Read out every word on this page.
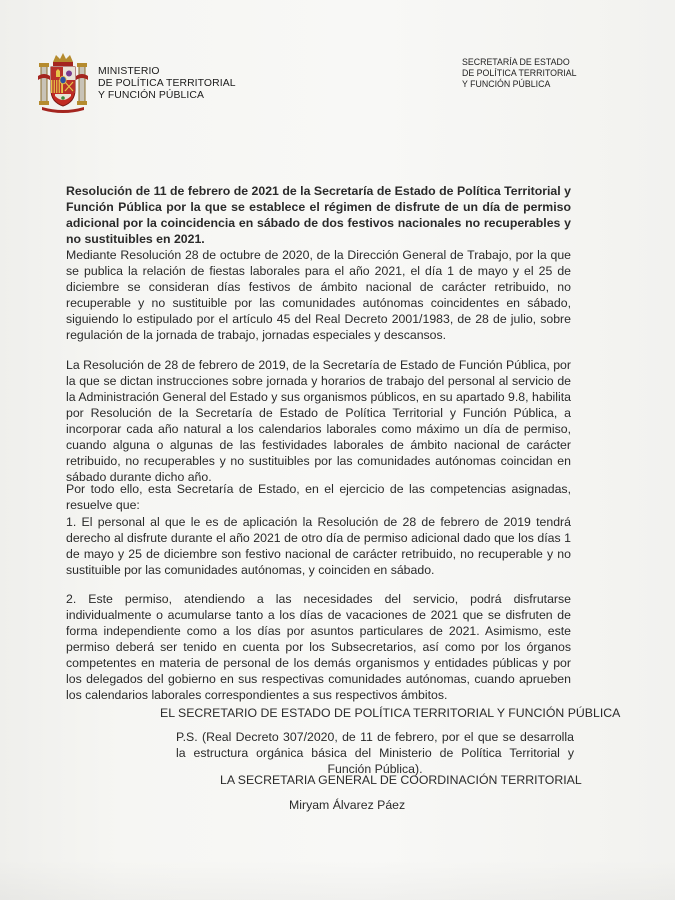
MINISTERIO
DE POLÍTICA TERRITORIAL
Y FUNCIÓN PÚBLICA
SECRETARÍA DE ESTADO
DE POLÍTICA TERRITORIAL
Y FUNCIÓN PÚBLICA
Resolución de 11 de febrero de 2021 de la Secretaría de Estado de Política Territorial y Función Pública por la que se establece el régimen de disfrute de un día de permiso adicional por la coincidencia en sábado de dos festivos nacionales no recuperables y no sustituibles en 2021.
Mediante Resolución 28 de octubre de 2020, de la Dirección General de Trabajo, por la que se publica la relación de fiestas laborales para el año 2021, el día 1 de mayo y el 25 de diciembre se consideran días festivos de ámbito nacional de carácter retribuido, no recuperable y no sustituible por las comunidades autónomas coincidentes en sábado, siguiendo lo estipulado por el artículo 45 del Real Decreto 2001/1983, de 28 de julio, sobre regulación de la jornada de trabajo, jornadas especiales y descansos.
La Resolución de 28 de febrero de 2019, de la Secretaría de Estado de Función Pública, por la que se dictan instrucciones sobre jornada y horarios de trabajo del personal al servicio de la Administración General del Estado y sus organismos públicos, en su apartado 9.8, habilita por Resolución de la Secretaría de Estado de Política Territorial y Función Pública, a incorporar cada año natural a los calendarios laborales como máximo un día de permiso, cuando alguna o algunas de las festividades laborales de ámbito nacional de carácter retribuido, no recuperables y no sustituibles por las comunidades autónomas coincidan en sábado durante dicho año.
Por todo ello, esta Secretaría de Estado, en el ejercicio de las competencias asignadas, resuelve que:
1. El personal al que le es de aplicación la Resolución de 28 de febrero de 2019 tendrá derecho al disfrute durante el año 2021 de otro día de permiso adicional dado que los días 1 de mayo y 25 de diciembre son festivo nacional de carácter retribuido, no recuperable y no sustituible por las comunidades autónomas, y coinciden en sábado.
2. Este permiso, atendiendo a las necesidades del servicio, podrá disfrutarse individualmente o acumularse tanto a los días de vacaciones de 2021 que se disfruten de forma independiente como a los días por asuntos particulares de 2021. Asimismo, este permiso deberá ser tenido en cuenta por los Subsecretarios, así como por los órganos competentes en materia de personal de los demás organismos y entidades públicas y por los delegados del gobierno en sus respectivas comunidades autónomas, cuando aprueben los calendarios laborales correspondientes a sus respectivos ámbitos.
EL SECRETARIO DE ESTADO DE POLÍTICA TERRITORIAL Y FUNCIÓN PÚBLICA
P.S. (Real Decreto 307/2020, de 11 de febrero, por el que se desarrolla la estructura orgánica básica del Ministerio de Política Territorial y Función Pública).
LA SECRETARIA GENERAL DE COORDINACIÓN TERRITORIAL
Miryam Álvarez Páez
